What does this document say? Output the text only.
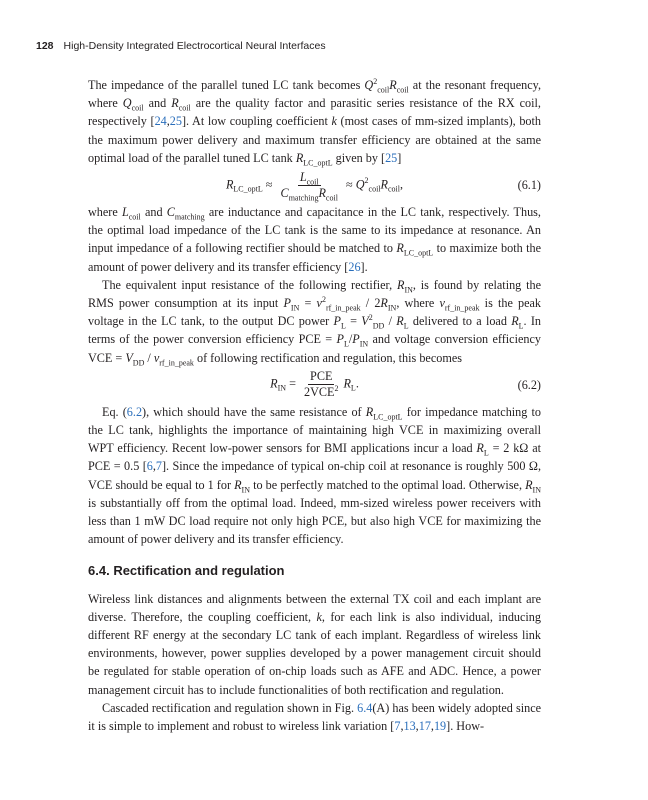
128 High-Density Integrated Electrocortical Neural Interfaces

The impedance of the parallel tuned LC tank becomes $Q^2_{coil}R_{coil}$ at the resonant frequency, where $Q_{coil}$ and $R_{coil}$ are the quality factor and parasitic series resistance of the RX coil, respectively [24,25]. At low coupling coefficient k (most cases of mm-sized implants), both the maximum power delivery and maximum transfer efficiency are obtained at the same optimal load of the parallel tuned LC tank $R_{LC\_optL}$ given by [25]

$R_{LC\_optL} \approx \frac{L_{coil}}{C_{matching}R_{coil}} \approx Q^2_{coil}R_{coil}$,	(6.1)

where $L_{coil}$ and $C_{matching}$ are inductance and capacitance in the LC tank, respectively. Thus, the optimal load impedance of the LC tank is the same to its impedance at resonance. An input impedance of a following rectifier should be matched to $R_{LC\_optL}$ to maximize both the amount of power delivery and its transfer efficiency [26].

The equivalent input resistance of the following rectifier, $R_{IN}$, is found by relating the RMS power consumption at its input $P_{IN} = v^2_{rf\_in\_peak} / 2R_{IN}$, where $v_{rf\_in\_peak}$ is the peak voltage in the LC tank, to the output DC power $P_L = V^2_{DD} / R_L$ delivered to a load $R_L$. In terms of the power conversion efficiency PCE = $P_L/P_{IN}$ and voltage conversion efficiency VCE = $V_{DD} / v_{rf\_in\_peak}$ of following rectification and regulation, this becomes

$R_{IN} = \frac{\text{PCE}}{2VCE^2} R_L$.	(6.2)

Eq. (6.2), which should have the same resistance of $R_{LC\_optL}$ for impedance matching to the LC tank, highlights the importance of maintaining high VCE in maximizing overall WPT efficiency. Recent low-power sensors for BMI applications incur a load $R_L = 2$ kΩ at PCE = 0.5 [6,7]. Since the impedance of typical on-chip coil at resonance is roughly 500 Ω, VCE should be equal to 1 for $R_{IN}$ to be perfectly matched to the optimal load. Otherwise, $R_{IN}$ is substantially off from the optimal load. Indeed, mm-sized wireless power receivers with less than 1 mW DC load require not only high PCE, but also high VCE for maximizing the amount of power delivery and its transfer efficiency.

6.4. Rectification and regulation

Wireless link distances and alignments between the external TX coil and each implant are diverse. Therefore, the coupling coefficient, k, for each link is also individual, inducing different RF energy at the secondary LC tank of each implant. Regardless of wireless link environments, however, power supplies developed by a power management circuit should be regulated for stable operation of on-chip loads such as AFE and ADC. Hence, a power management circuit has to include functionalities of both rectification and regulation.

Cascaded rectification and regulation shown in Fig. 6.4(A) has been widely adopted since it is simple to implement and robust to wireless link variation [7,13,17,19]. How-
